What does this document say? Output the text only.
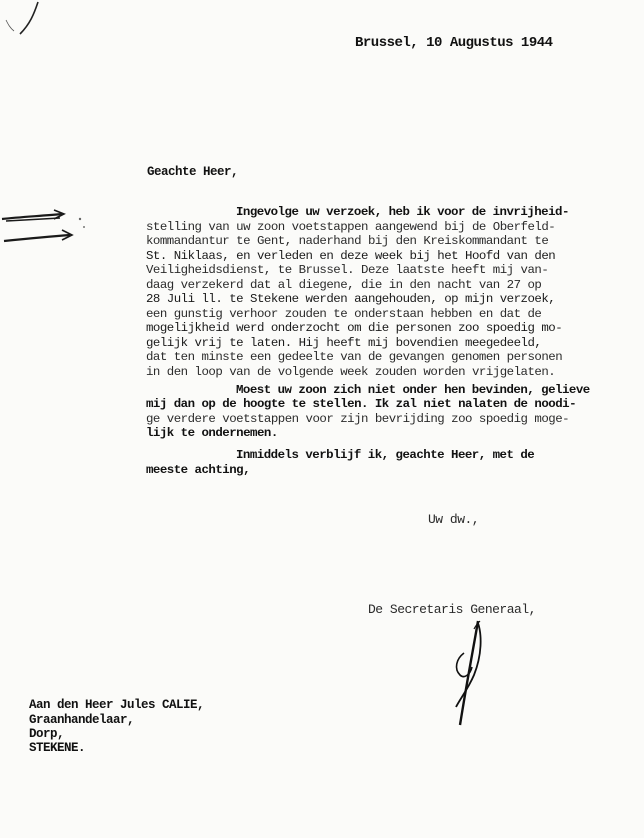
Brussel, 10 Augustus 1944
Geachte Heer,
Ingevolge uw verzoek, heb ik voor de invrijheid-
stelling van uw zoon voetstappen aangewend bij de Oberfeld-
kommandantur te Gent, naderhand bij den Kreiskommandant te
St. Niklaas, en verleden en deze week bij het Hoofd van den
Veiligheidsdienst, te Brussel. Deze laatste heeft mij van-
daag verzekerd dat al diegene, die in den nacht van 27 op
28 Juli ll. te Stekene werden aangehouden, op mijn verzoek,
een gunstig verhoor zouden te onderstaan hebben en dat de
mogelijkheid werd onderzocht om die personen zoo spoedig mo-
gelijk vrij te laten. Hij heeft mij bovendien meegedeeld,
dat ten minste een gedeelte van de gevangen genomen personen
in den loop van de volgende week zouden worden vrijgelaten.
Moest uw zoon zich niet onder hen bevinden, gelieve
mij dan op de hoogte te stellen. Ik zal niet nalaten de noodi-
ge verdere voetstappen voor zijn bevrijding zoo spoedig moge-
lijk te ondernemen.
Inmiddels verblijf ik, geachte Heer, met de
meeste achting,
Uw dw.,
De Secretaris Generaal,
Aan den Heer Jules CALIE,
Graanhandelaar,
Dorp,
STEKENE.
